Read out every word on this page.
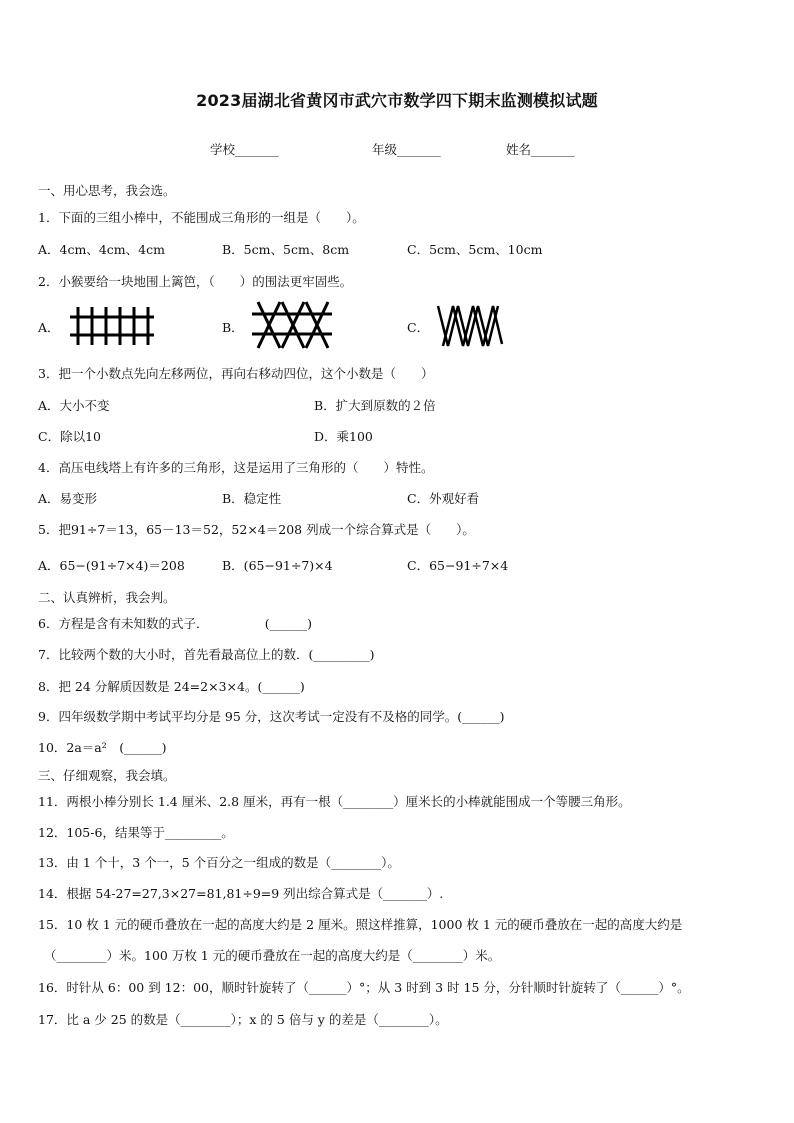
2023届湖北省黄冈市武穴市数学四下期末监测模拟试题
学校_______	年级_______	姓名_______
一、用心思考，我会选。
1．下面的三组小棒中，不能围成三角形的一组是（　　）。
A．4cm、4cm、4cm	B．5cm、5cm、8cm	C．5cm、5cm、10cm
2．小猴要给一块地围上篱笆，（　　）的围法更牢固些。
A．	B．	C．
3．把一个小数点先向左移两位，再向右移动四位，这个小数是（　　）
A．大小不变	B．扩大到原数的２倍
C．除以10	D．乘100
4．高压电线塔上有许多的三角形，这是运用了三角形的（　　）特性。
A．易变形	B．稳定性	C．外观好看
5．把91÷7＝13，65－13＝52，52×4＝208 列成一个综合算式是（　　）。
A．65−(91÷7×4)＝208	B．(65−91÷7)×4	C．65−91÷7×4
二、认真辨析，我会判。
6．方程是含有未知数的式子．　　　　　(______)
7．比较两个数的大小时，首先看最高位上的数．(_________)
8．把 24 分解质因数是 24=2×3×4。(______)
9．四年级数学期中考试平均分是 95 分，这次考试一定没有不及格的同学。(______)
10．2a＝a²　(______)
三、仔细观察，我会填。
11．两根小棒分别长 1.4 厘米、2.8 厘米，再有一根（________）厘米长的小棒就能围成一个等腰三角形。
12．105-6，结果等于_________。
13．由 1 个十，3 个一，5 个百分之一组成的数是（________）。
14．根据 54-27=27,3×27=81,81÷9=9 列出综合算式是（_______）.
15．10 枚 1 元的硬币叠放在一起的高度大约是 2 厘米。照这样推算，1000 枚 1 元的硬币叠放在一起的高度大约是
（________）米。100 万枚 1 元的硬币叠放在一起的高度大约是（________）米。
16．时针从 6：00 到 12：00，顺时针旋转了（______）°；从 3 时到 3 时 15 分，分针顺时针旋转了（______）°。
17．比 a 少 25 的数是（________）；x 的 5 倍与 y 的差是（________）。
